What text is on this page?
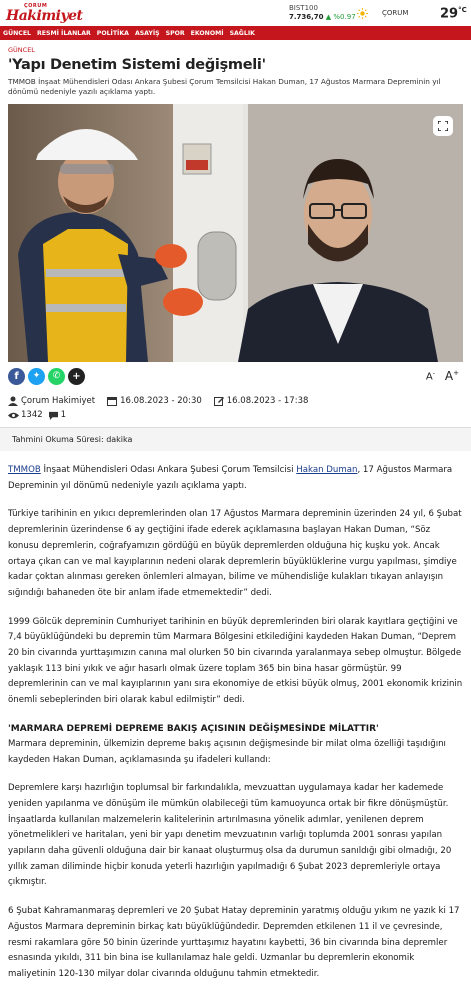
ÇORUM
Hakimiyet	BIST100
7.736,70 ▲ %0.97	ÇORUM $29^{^\circ C}$
GÜNCEL RESMİ İLANLAR POLİTİKA ASAYİŞ SPOR EKONOMİ SAĞLIK
GÜNCEL
'Yapı Denetim Sistemi değişmeli'
TMMOB İnşaat Mühendisleri Odası Ankara Şubesi Çorum Temsilcisi Hakan Duman, 17 Ağustos Marmara Depreminin yıl dönümü nedeniyle yazılı açıklama yaptı.
f ✦ ✆ +	A- A+
Çorum Hakimiyet	16.08.2023 - 20:30	16.08.2023 - 17:38
1342 1
Tahmini Okuma Süresi: dakika

TMMOB İnşaat Mühendisleri Odası Ankara Şubesi Çorum Temsilcisi Hakan Duman, 17 Ağustos Marmara Depreminin yıl dönümü nedeniyle yazılı açıklama yaptı.

Türkiye tarihinin en yıkıcı depremlerinden olan 17 Ağustos Marmara depreminin üzerinden 24 yıl, 6 Şubat depremlerinin üzerindense 6 ay geçtiğini ifade ederek açıklamasına başlayan Hakan Duman, “Söz konusu depremlerin, coğrafyamızın gördüğü en büyük depremlerden olduğuna hiç kuşku yok. Ancak ortaya çıkan can ve mal kayıplarının nedeni olarak depremlerin büyüklüklerine vurgu yapılması, şimdiye kadar çoktan alınması gereken önlemleri almayan, bilime ve mühendisliğe kulakları tıkayan anlayışın sığındığı bahaneden öte bir anlam ifade etmemektedir” dedi.

1999 Gölcük depreminin Cumhuriyet tarihinin en büyük depremlerinden biri olarak kayıtlara geçtiğini ve 7,4 büyüklüğündeki bu depremin tüm Marmara Bölgesini etkilediğini kaydeden Hakan Duman, “Deprem 20 bin civarında yurttaşımızın canına mal olurken 50 bin civarında yaralanmaya sebep olmuştur. Bölgede yaklaşık 113 bini yıkık ve ağır hasarlı olmak üzere toplam 365 bin bina hasar görmüştür. 99 depremlerinin can ve mal kayıplarının yanı sıra ekonomiye de etkisi büyük olmuş, 2001 ekonomik krizinin önemli sebeplerinden biri olarak kabul edilmiştir” dedi.

'MARMARA DEPREMİ DEPREME BAKIŞ AÇISININ DEĞİŞMESİNDE MİLATTIR'

Marmara depreminin, ülkemizin depreme bakış açısının değişmesinde bir milat olma özelliği taşıdığını kaydeden Hakan Duman, açıklamasında şu ifadeleri kullandı:

Depremlere karşı hazırlığın toplumsal bir farkındalıkla, mevzuattan uygulamaya kadar her kademede yeniden yapılanma ve dönüşüm ile mümkün olabileceği tüm kamuoyunca ortak bir fikre dönüşmüştür. İnşaatlarda kullanılan malzemelerin kalitelerinin artırılmasına yönelik adımlar, yenilenen deprem yönetmelikleri ve haritaları, yeni bir yapı denetim mevzuatının varlığı toplumda 2001 sonrası yapılan yapıların daha güvenli olduğuna dair bir kanaat oluşturmuş olsa da durumun sanıldığı gibi olmadığı, 20 yıllık zaman diliminde hiçbir konuda yeterli hazırlığın yapılmadığı 6 Şubat 2023 depremleriyle ortaya çıkmıştır.

6 Şubat Kahramanmaraş depremleri ve 20 Şubat Hatay depreminin yaratmış olduğu yıkım ne yazık ki 17 Ağustos Marmara depreminin birkaç katı büyüklüğündedir. Depremden etkilenen 11 il ve çevresinde, resmi rakamlara göre 50 binin üzerinde yurttaşımız hayatını kaybetti, 36 bin civarında bina depremler esnasında yıkıldı, 311 bin bina ise kullanılamaz hale geldi. Uzmanlar bu depremlerin ekonomik maliyetinin 120-130 milyar dolar civarında olduğunu tahmin etmektedir.
